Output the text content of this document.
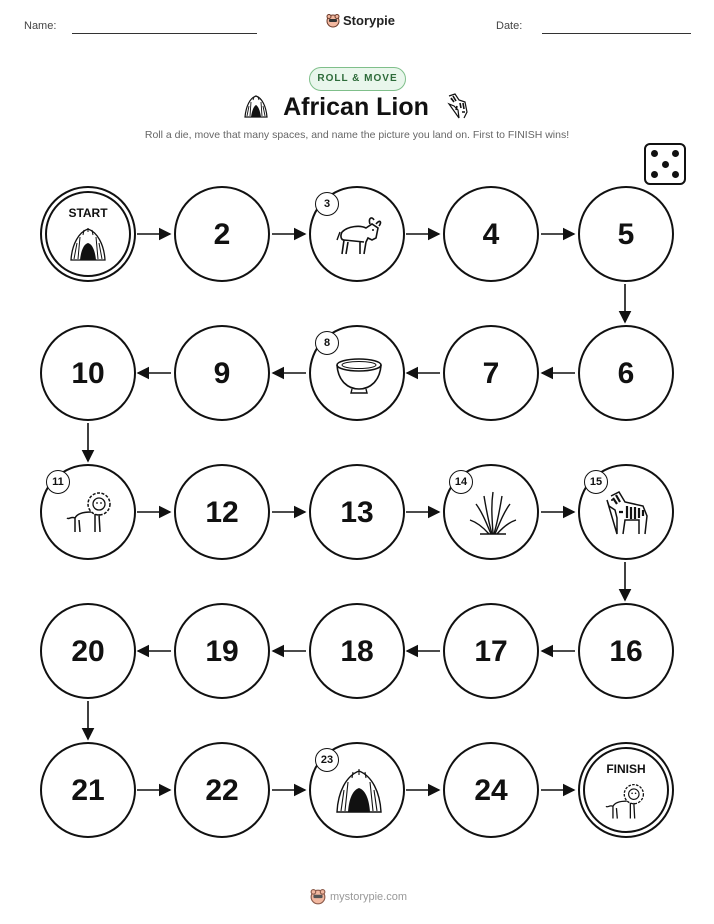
Name:	Storypie	Date:
ROLL & MOVE
African Lion
Roll a die, move that many spaces, and name the picture you land on. First to FINISH wins!
START
2
3
4	5
6
7
8
9
10
11
12	13
14	15
16
17
18
19
20
21	22
23
24
FINISH
mystorypie.com
